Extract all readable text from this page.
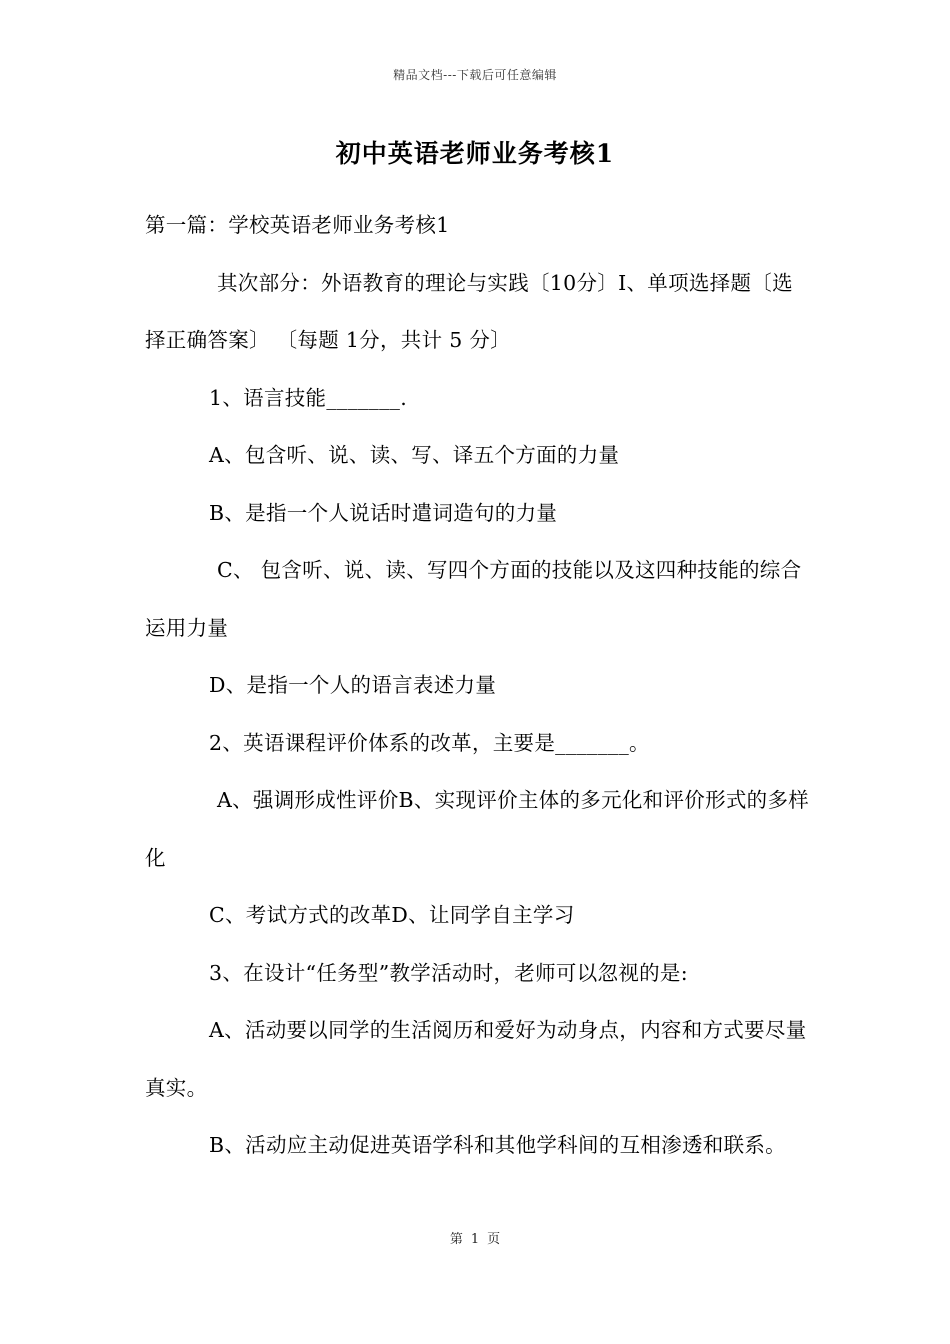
精品文档---下载后可任意编辑
初中英语老师业务考核1

第一篇：学校英语老师业务考核1

其次部分：外语教育的理论与实践〔10分〕I、单项选择题〔选择正确答案〕 〔每题 1分，共计 5 分〕

1、语言技能_______.

A、包含听、说、读、写、译五个方面的力量

B、是指一个人说话时遣词造句的力量

C、 包含听、说、读、写四个方面的技能以及这四种技能的综合运用力量

D、是指一个人的语言表述力量

2、英语课程评价体系的改革，主要是_______。

A、强调形成性评价B、实现评价主体的多元化和评价形式的多样化

C、考试方式的改革D、让同学自主学习

3、在设计“任务型”教学活动时，老师可以忽视的是:

A、活动要以同学的生活阅历和爱好为动身点，内容和方式要尽量真实。

B、活动应主动促进英语学科和其他学科间的互相渗透和联系。

第 1 页
